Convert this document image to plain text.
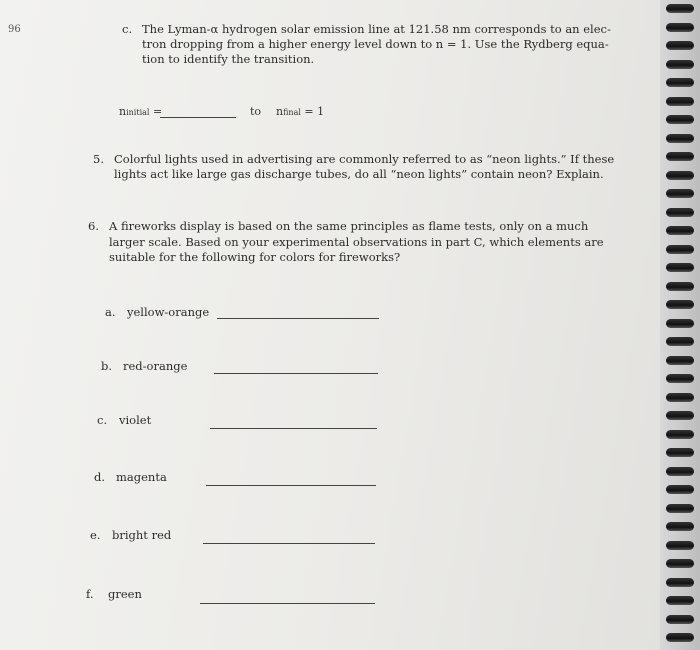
96	c. The Lyman-α hydrogen solar emission line at 121.58 nm corresponds to an elec-
tron dropping from a higher energy level down to n = 1. Use the Rydberg equa-
tion to identify the transition.
ninitial =	to nfinal = 1
5. Colorful lights used in advertising are commonly referred to as “neon lights.” If these
lights act like large gas discharge tubes, do all “neon lights” contain neon? Explain.
6. A fireworks display is based on the same principles as flame tests, only on a much
larger scale. Based on your experimental observations in part C, which elements are
suitable for the following for colors for fireworks?
a. yellow-orange
b. red-orange
c. violet
d. magenta
e. bright red
f. green
